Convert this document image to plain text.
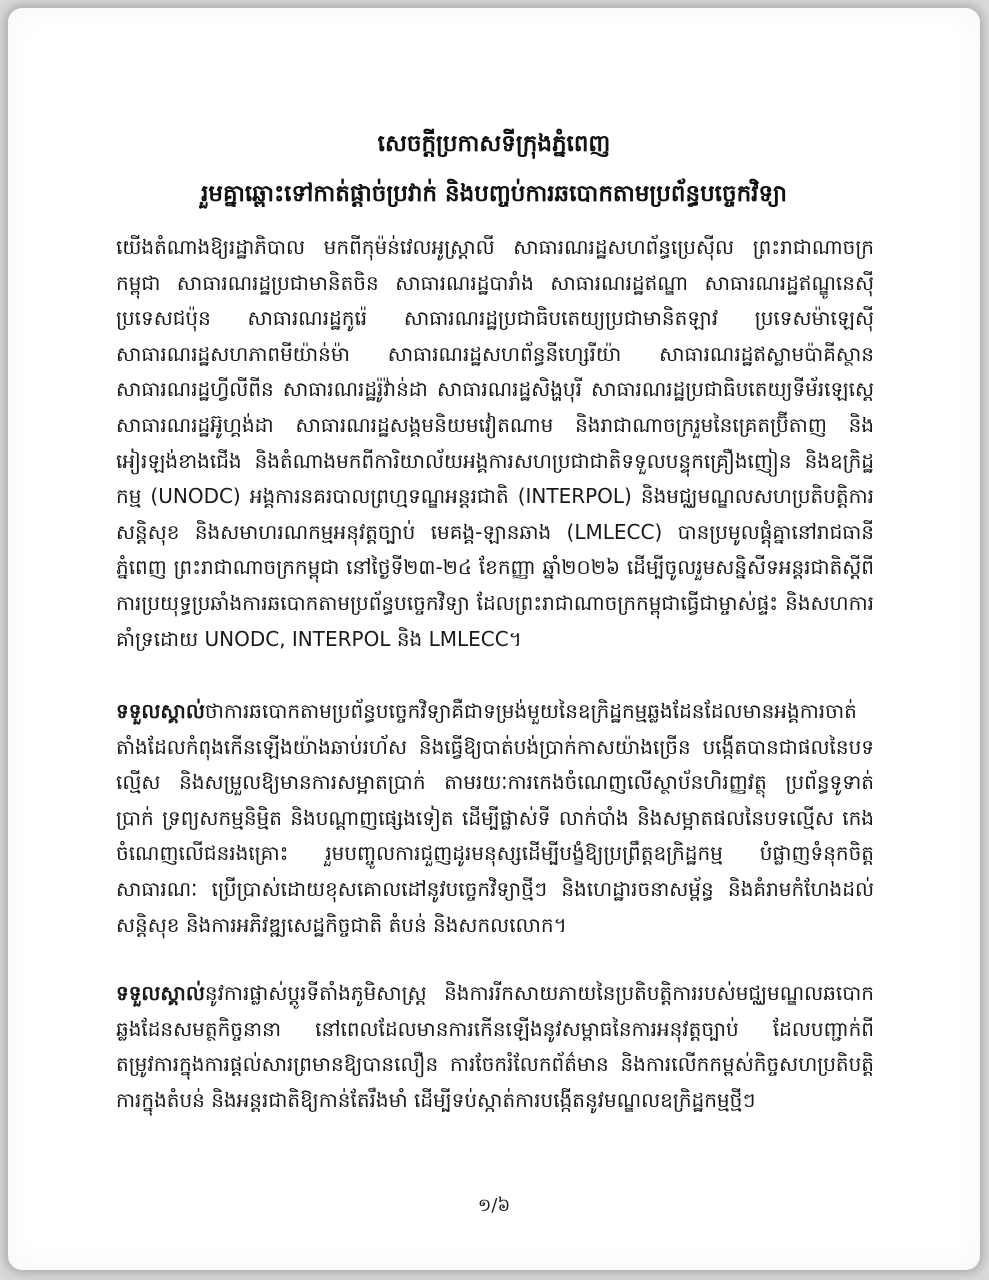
សេចក្ដីប្រកាសទីក្រុងភ្នំពេញ
រួមគ្នាឆ្ពោះទៅកាត់ផ្ដាច់ប្រវាក់ និងបញ្ចប់ការឆបោកតាមប្រព័ន្ធបច្ចេកវិទ្យា

យើងតំណាងឱ្យរដ្ឋាភិបាល មកពីកុម៉ន់វេលអូស្ត្រាលី សាធារណរដ្ឋសហព័ន្ធប្រេស៊ីល ព្រះរាជាណាចក្រកម្ពុជា សាធារណរដ្ឋប្រជាមានិតចិន សាធារណរដ្ឋបារាំង សាធារណរដ្ឋឥណ្ឌា សាធារណរដ្ឋឥណ្ឌូនេស៊ី ប្រទេសជប៉ុន សាធារណរដ្ឋកូរ៉េ សាធារណរដ្ឋប្រជាធិបតេយ្យប្រជាមានិតឡាវ ប្រទេសម៉ាឡេស៊ី សាធារណរដ្ឋសហភាពមីយ៉ាន់ម៉ា សាធារណរដ្ឋសហព័ន្ធនីហ្សេរីយ៉ា សាធារណរដ្ឋឥស្លាមប៉ាគីស្ថាន សាធារណរដ្ឋហ្វីលីពីន សាធារណរដ្ឋរ៉ូវ៉ាន់ដា សាធារណរដ្ឋសិង្ហបុរី សាធារណរដ្ឋប្រជាធិបតេយ្យទីម័រឡេស្តេ សាធារណរដ្ឋអ៊ូហ្គង់ដា សាធារណរដ្ឋសង្គមនិយមវៀតណាម និងរាជាណាចក្ររួមនៃគ្រេតប៊្រីតាញ និងអៀរឡង់ខាងជើង និងតំណាងមកពីការិយាល័យអង្គការសហប្រជាជាតិទទួលបន្ទុកគ្រឿងញៀន និងឧក្រិដ្ឋកម្ម (UNODC) អង្គការនគរបាលព្រហ្មទណ្ឌអន្តរជាតិ (INTERPOL) និងមជ្ឈមណ្ឌលសហប្រតិបត្តិការសន្តិសុខ និងសមាហរណកម្មអនុវត្តច្បាប់ មេគង្គ-ឡានឆាង (LMLECC) បានប្រមូលផ្ដុំគ្នានៅរាជធានីភ្នំពេញ ព្រះរាជាណាចក្រកម្ពុជា នៅថ្ងៃទី២៣-២៤ ខែកញ្ញា ឆ្នាំ២០២៦ ដើម្បីចូលរួមសន្និសីទអន្តរជាតិស្ដីពីការប្រយុទ្ធប្រឆាំងការឆបោកតាមប្រព័ន្ធបច្ចេកវិទ្យា ដែលព្រះរាជាណាចក្រកម្ពុជាធ្វើជាម្ចាស់ផ្ទះ និងសហការគាំទ្រដោយ UNODC, INTERPOL និង LMLECC។

ទទួលស្គាល់ថាការឆបោកតាមប្រព័ន្ធបច្ចេកវិទ្យាគឺជាទម្រង់មួយនៃឧក្រិដ្ឋកម្មឆ្លងដែនដែលមានអង្គការចាត់តាំងដែលកំពុងកើនឡើងយ៉ាងឆាប់រហ័ស និងធ្វើឱ្យបាត់បង់ប្រាក់កាសយ៉ាងច្រើន បង្កើតបានជាផលនៃបទល្មើស និងសម្រួលឱ្យមានការសម្អាតប្រាក់ តាមរយៈការកេងចំណេញលើស្ថាប័នហិរញ្ញវត្ថុ ប្រព័ន្ធទូទាត់ប្រាក់ ទ្រព្យសកម្មនិម្មិត និងបណ្ដាញផ្សេងទៀត ដើម្បីផ្លាស់ទី លាក់បាំង និងសម្អាតផលនៃបទល្មើស កេងចំណេញលើជនរងគ្រោះ រួមបញ្ចូលការជួញដូរមនុស្សដើម្បីបង្ខំឱ្យប្រព្រឹត្តឧក្រិដ្ឋកម្ម បំផ្លាញទំនុកចិត្តសាធារណៈ ប្រើប្រាស់ដោយខុសគោលដៅនូវបច្ចេកវិទ្យាថ្មីៗ និងហេដ្ឋារចនាសម្ព័ន្ធ និងគំរាមកំហែងដល់សន្តិសុខ និងការអភិវឌ្ឍសេដ្ឋកិច្ចជាតិ តំបន់ និងសកលលោក។

ទទួលស្គាល់នូវការផ្លាស់ប្ដូរទីតាំងភូមិសាស្ត្រ និងការរីកសាយភាយនៃប្រតិបត្តិការរបស់មជ្ឈមណ្ឌលឆបោកឆ្លងដែនសមត្ថកិច្ចនានា នៅពេលដែលមានការកើនឡើងនូវសម្ពាធនៃការអនុវត្តច្បាប់ ដែលបញ្ជាក់ពីតម្រូវការក្នុងការផ្ដល់សារព្រមានឱ្យបានលឿន ការចែករំលែកព័ត៌មាន និងការលើកកម្ពស់កិច្ចសហប្រតិបត្តិការក្នុងតំបន់ និងអន្តរជាតិឱ្យកាន់តែរឹងមាំ ដើម្បីទប់ស្កាត់ការបង្កើតនូវមណ្ឌលឧក្រិដ្ឋកម្មថ្មីៗ

១/៦
